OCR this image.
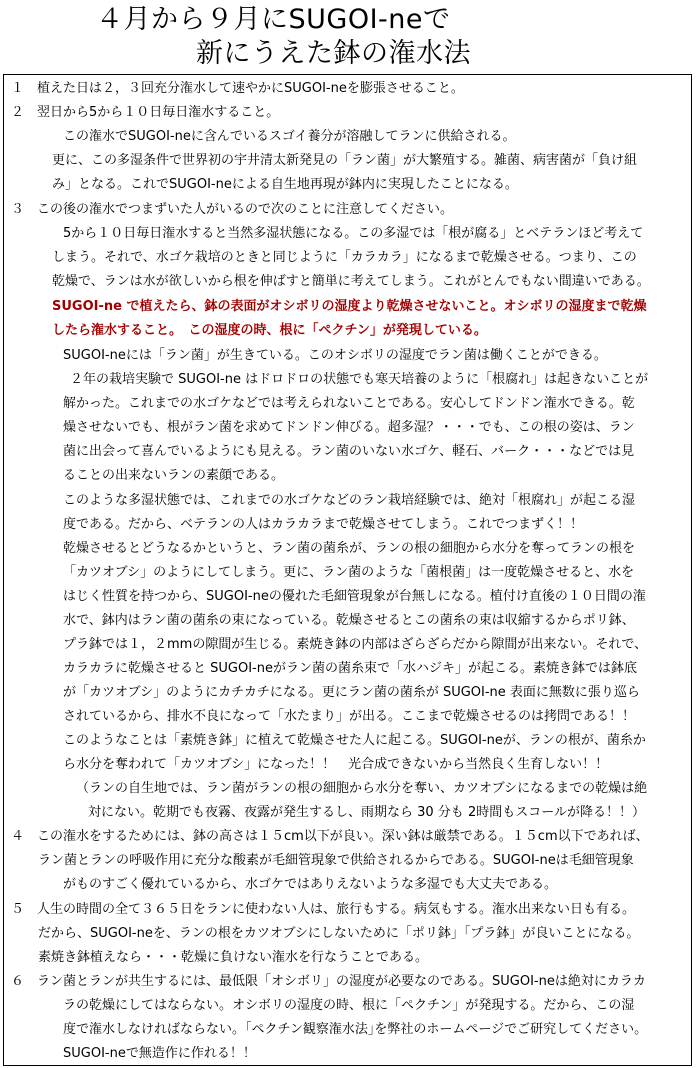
４月から９月にSUGOI-neで
新にうえた鉢の潅水法
１　植えた日は２，３回充分潅水して速やかにSUGOI-neを膨張させること。
２　翌日から5から１０日毎日潅水すること。
この潅水でSUGOI-neに含んでいるスゴイ養分が溶融してランに供給される。
更に、この多湿条件で世界初の宇井清太新発見の「ラン菌」が大繁殖する。雑菌、病害菌が「負け組
み」となる。これでSUGOI-neによる自生地再現が鉢内に実現したことになる。
３　この後の潅水でつまずいた人がいるので次のことに注意してください。
5から１０日毎日潅水すると当然多湿状態になる。この多湿では「根が腐る」とベテランほど考えて
しまう。それで、水ゴケ栽培のときと同じように「カラカラ」になるまで乾燥させる。つまり、この
乾燥で、ランは水が欲しいから根を伸ばすと簡単に考えてしまう。これがとんでもない間違いである。
SUGOI-ne で植えたら、鉢の表面がオシボリの湿度より乾燥させないこと。オシボリの湿度まで乾燥
したら潅水すること。　この湿度の時、根に「ペクチン」が発現している。
SUGOI-neには「ラン菌」が生きている。このオシボリの湿度でラン菌は働くことができる。
２年の栽培実験で SUGOI-ne はドロドロの状態でも寒天培養のように「根腐れ」は起きないことが
解かった。これまでの水ゴケなどでは考えられないことである。安心してドンドン潅水できる。乾
燥させないでも、根がラン菌を求めてドンドン伸びる。超多湿？・・・でも、この根の姿は、ラン
菌に出会って喜んでいるようにも見える。ラン菌のいない水ゴケ、軽石、バーク・・・などでは見
ることの出来ないランの素顔である。
このような多湿状態では、これまでの水ゴケなどのラン栽培経験では、絶対「根腐れ」が起こる湿
度である。だから、ベテランの人はカラカラまで乾燥させてしまう。これでつまずく！！
乾燥させるとどうなるかというと、ラン菌の菌糸が、ランの根の細胞から水分を奪ってランの根を
「カツオブシ」のようにしてしまう。更に、ラン菌のような「菌根菌」は一度乾燥させると、水を
はじく性質を持つから、SUGOI-neの優れた毛細管現象が台無しになる。植付け直後の１０日間の潅
水で、鉢内はラン菌の菌糸の束になっている。乾燥させるとこの菌糸の束は収縮するからポリ鉢、
プラ鉢では１，２mmの隙間が生じる。素焼き鉢の内部はざらざらだから隙間が出来ない。それで、
カラカラに乾燥させると SUGOI-neがラン菌の菌糸束で「水ハジキ」が起こる。素焼き鉢では鉢底
が「カツオブシ」のようにカチカチになる。更にラン菌の菌糸が SUGOI-ne 表面に無数に張り巡ら
されているから、排水不良になって「水たまり」が出る。ここまで乾燥させるのは拷問である！！
このようなことは「素焼き鉢」に植えて乾燥させた人に起こる。SUGOI-neが、ランの根が、菌糸か
ら水分を奪われて「カツオブシ」になった！！　光合成できないから当然良く生育しない！！
（ランの自生地では、ラン菌がランの根の細胞から水分を奪い、カツオブシになるまでの乾燥は絶
対にない。乾期でも夜霧、夜露が発生するし、雨期なら 30 分も 2時間もスコールが降る！！）
４　この潅水をするためには、鉢の高さは１５cm以下が良い。深い鉢は厳禁である。１５cm以下であれば、
ラン菌とランの呼吸作用に充分な酸素が毛細管現象で供給されるからである。SUGOI-neは毛細管現象
がものすごく優れているから、水ゴケではありえないような多湿でも大丈夫である。
５　人生の時間の全て３６５日をランに使わない人は、旅行もする。病気もする。潅水出来ない日も有る。
だから、SUGOI-neを、ランの根をカツオブシにしないために「ポリ鉢」「プラ鉢」が良いことになる。
素焼き鉢植えなら・・・乾燥に負けない潅水を行なうことである。
６　ラン菌とランが共生するには、最低限「オシボリ」の湿度が必要なのである。SUGOI-neは絶対にカラカ
ラの乾燥にしてはならない。オシボリの湿度の時、根に「ペクチン」が発現する。だから、この湿
度で潅水しなければならない。｢ペクチン観察潅水法｣を弊社のホームページでご研究してください。
SUGOI-neで無造作に作れる！！
